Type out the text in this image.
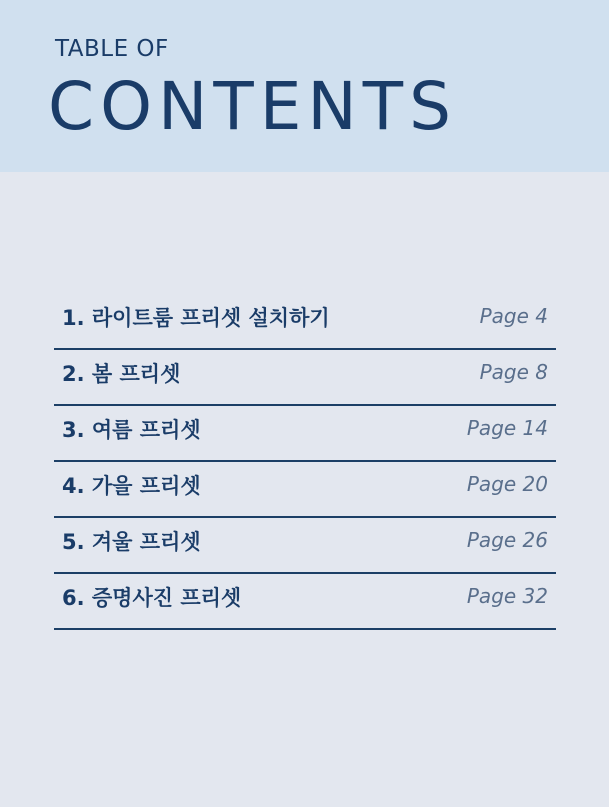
TABLE OF
CONTENTS
1. 라이트룸 프리셋 설치하기	Page 4
2. 봄 프리셋	Page 8
3. 여름 프리셋	Page 14
4. 가을 프리셋	Page 20
5. 겨울 프리셋	Page 26
6. 증명사진 프리셋	Page 32
